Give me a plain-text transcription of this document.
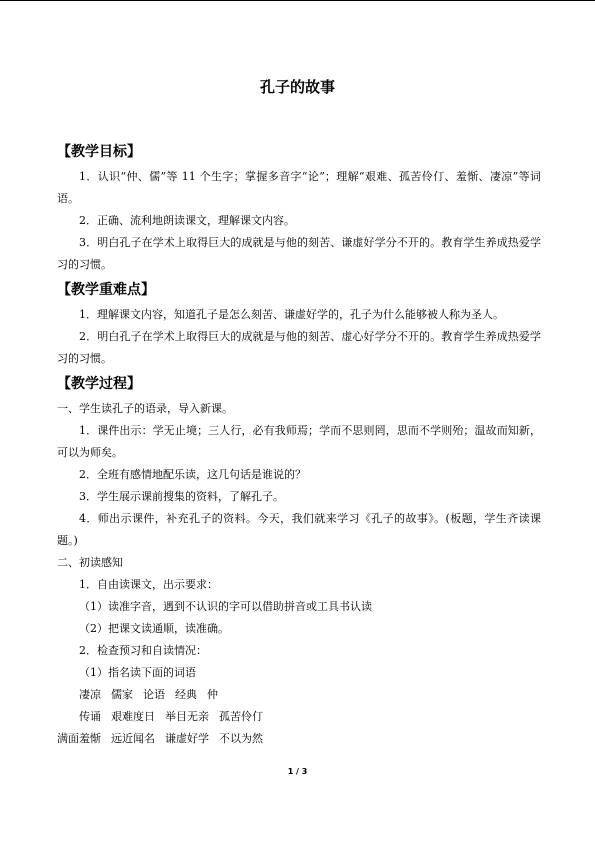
孔子的故事
【教学目标】

1．认识“仲、儒”等 11 个生字；掌握多音字“论”；理解“艰难、孤苦伶仃、羞惭、凄凉”等词语。

2．正确、流利地朗读课文，理解课文内容。

3．明白孔子在学术上取得巨大的成就是与他的刻苦、谦虚好学分不开的。教育学生养成热爱学习的习惯。

【教学重难点】

1．理解课文内容，知道孔子是怎么刻苦、谦虚好学的，孔子为什么能够被人称为圣人。

2．明白孔子在学术上取得巨大的成就是与他的刻苦、虚心好学分不开的。教育学生养成热爱学习的习惯。

【教学过程】

一、学生读孔子的语录，导入新课。

1．课件出示：学无止境；三人行，必有我师焉；学而不思则罔，思而不学则殆；温故而知新，可以为师矣。

2．全班有感情地配乐读，这几句话是谁说的？

3．学生展示课前搜集的资料，了解孔子。

4．师出示课件，补充孔子的资料。今天，我们就来学习《孔子的故事》。(板题，学生齐读课题。)

二、初读感知

1．自由读课文，出示要求：

（1）读准字音，遇到不认识的字可以借助拼音或工具书认读

（2）把课文读通顺，读准确。

2．检查预习和自读情况：

（1）指名读下面的词语

凄凉 儒家 论语 经典 仲

传诵 艰难度日 举目无亲 孤苦伶仃

满面羞惭 远近闻名 谦虚好学 不以为然

1 / 3
